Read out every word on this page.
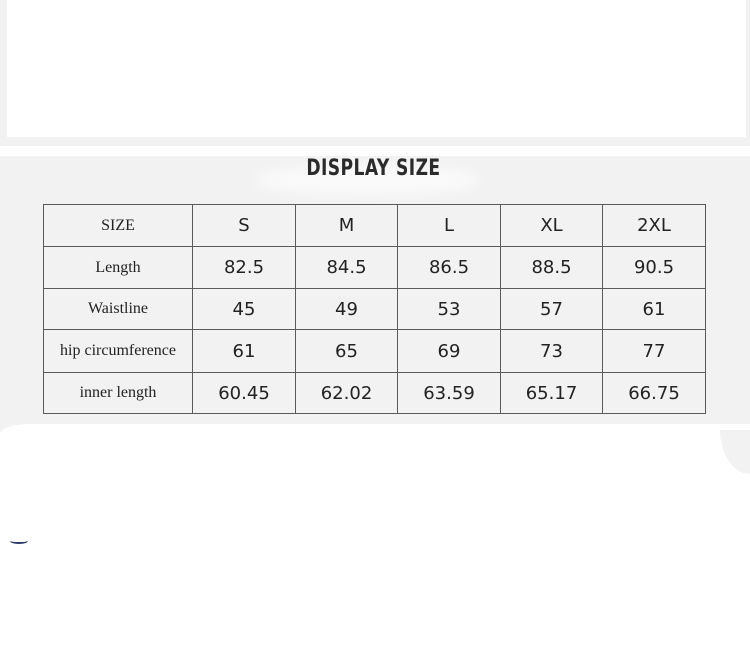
DISPLAY SIZE
SIZE	S	M	L	XL	2XL
Length	82.5	84.5	86.5	88.5	90.5
Waistline	45	49	53	57	61
hip circumference	61	65	69	73	77
inner length	60.45	62.02	63.59	65.17	66.75
